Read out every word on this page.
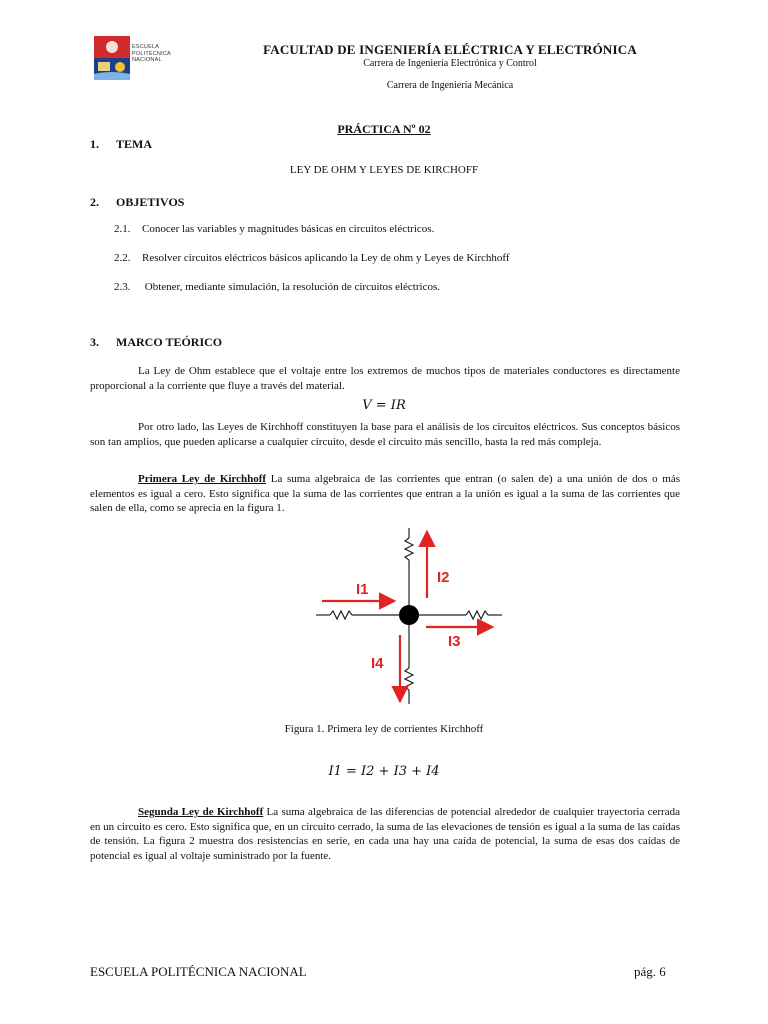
ESCUELA
POLITÉCNICA
NACIONAL
FACULTAD DE INGENIERÍA ELÉCTRICA Y ELECTRÓNICA
Carrera de Ingeniería Electrónica y Control
Carrera de Ingeniería Mecánica
PRÁCTICA Nº 02
1. TEMA
LEY DE OHM Y LEYES DE KIRCHOFF
2. OBJETIVOS
2.1. Conocer las variables y magnitudes básicas en circuitos eléctricos.
2.2. Resolver circuitos eléctricos básicos aplicando la Ley de ohm y Leyes de Kirchhoff
2.3. Obtener, mediante simulación, la resolución de circuitos eléctricos.
3. MARCO TEÓRICO
La Ley de Ohm establece que el voltaje entre los extremos de muchos tipos de materiales conductores es directamente proporcional a la corriente que fluye a través del material.
V = IR
Por otro lado, las Leyes de Kirchhoff constituyen la base para el análisis de los circuitos eléctricos. Sus conceptos básicos son tan amplios, que pueden aplicarse a cualquier circuito, desde el circuito más sencillo, hasta la red más compleja.
Primera Ley de Kirchhoff La suma algebraica de las corrientes que entran (o salen de) a una unión de dos o más elementos es igual a cero. Esto significa que la suma de las corrientes que entran a la unión es igual a la suma de las corrientes que salen de ella, como se aprecia en la figura 1.
I1
I2
I3
I4
Figura 1. Primera ley de corrientes Kirchhoff
I1 = I2 + I3 + I4
Segunda Ley de Kirchhoff La suma algebraica de las diferencias de potencial alrededor de cualquier trayectoria cerrada en un circuito es cero. Esto significa que, en un circuito cerrado, la suma de las elevaciones de tensión es igual a la suma de las caídas de tensión. La figura 2 muestra dos resistencias en serie, en cada una hay una caída de potencial, la suma de esas dos caídas de potencial es igual al voltaje suministrado por la fuente.
ESCUELA POLITÉCNICA NACIONAL	pág. 6
